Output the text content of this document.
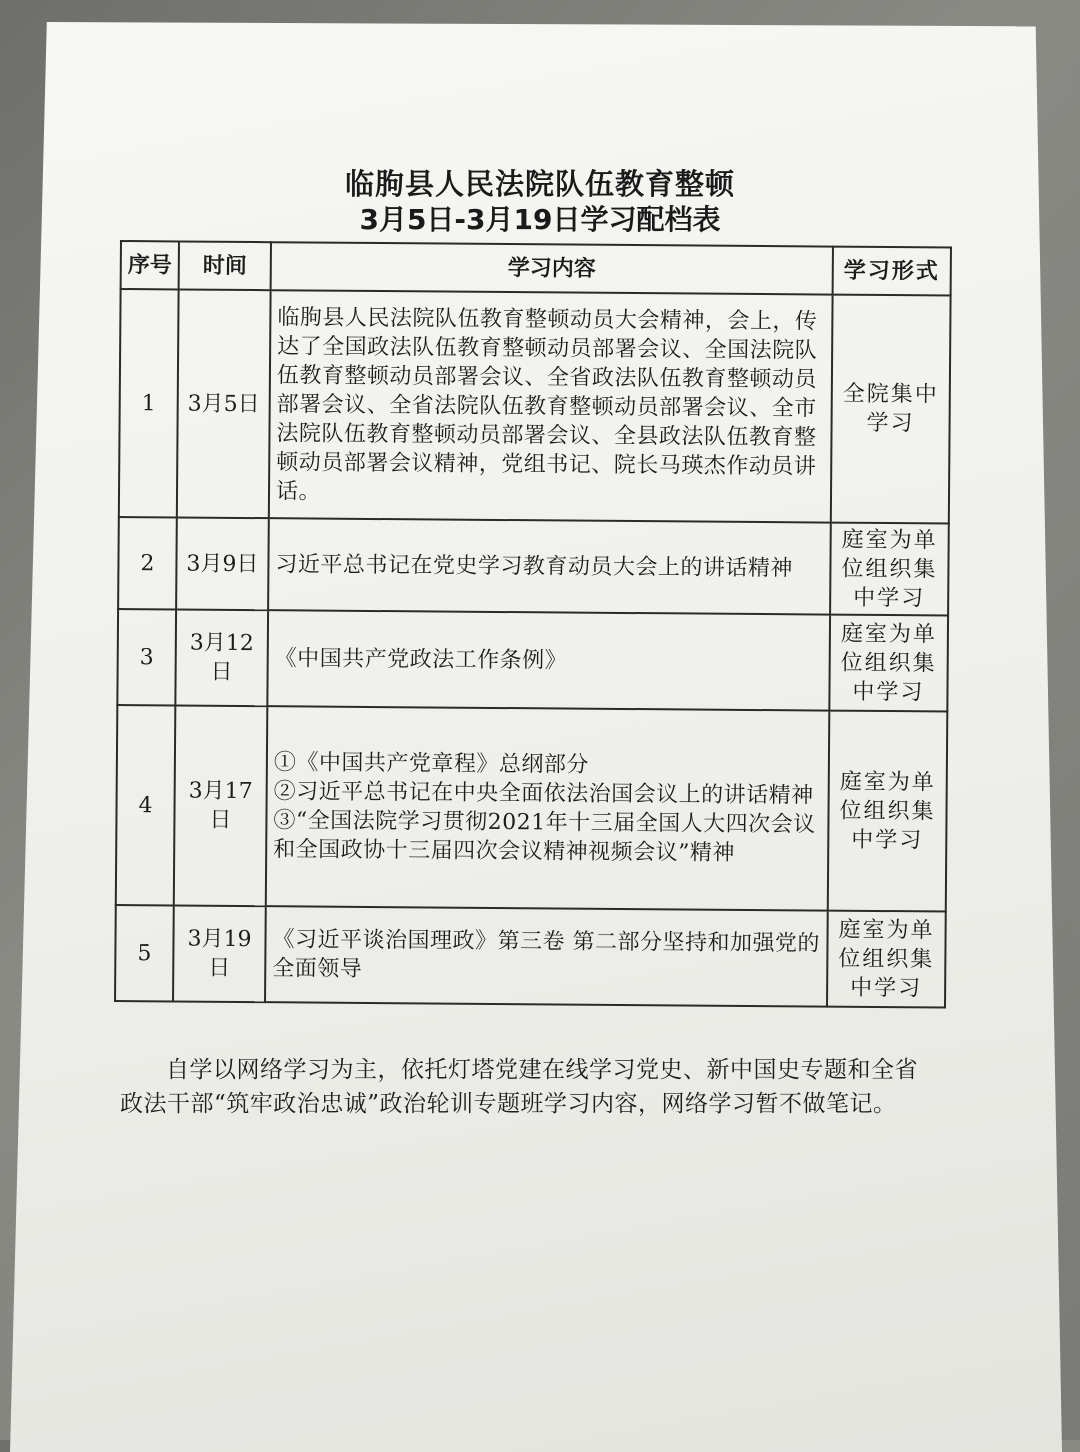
临朐县人民法院队伍教育整顿
3月5日-3月19日学习配档表
序号	时间	学习内容	学习形式
1	3月5日	临朐县人民法院队伍教育整顿动员大会精神，会上，传达了全国政法队伍教育整顿动员部署会议、全国法院队伍教育整顿动员部署会议、全省政法队伍教育整顿动员部署会议、全省法院队伍教育整顿动员部署会议、全市法院队伍教育整顿动员部署会议、全县政法队伍教育整顿动员部署会议精神，党组书记、院长马瑛杰作动员讲话。	全院集中学习
2	3月9日	习近平总书记在党史学习教育动员大会上的讲话精神	庭室为单位组织集中学习
3	3月12日	《中国共产党政法工作条例》	庭室为单位组织集中学习
4	3月17日	①《中国共产党章程》总纲部分
②习近平总书记在中央全面依法治国会议上的讲话精神
③“全国法院学习贯彻2021年十三届全国人大四次会议和全国政协十三届四次会议精神视频会议”精神	庭室为单位组织集中学习
5	3月19日	《习近平谈治国理政》第三卷 第二部分坚持和加强党的全面领导	庭室为单位组织集中学习

自学以网络学习为主，依托灯塔党建在线学习党史、新中国史专题和全省政法干部“筑牢政治忠诚”政治轮训专题班学习内容，网络学习暂不做笔记。
